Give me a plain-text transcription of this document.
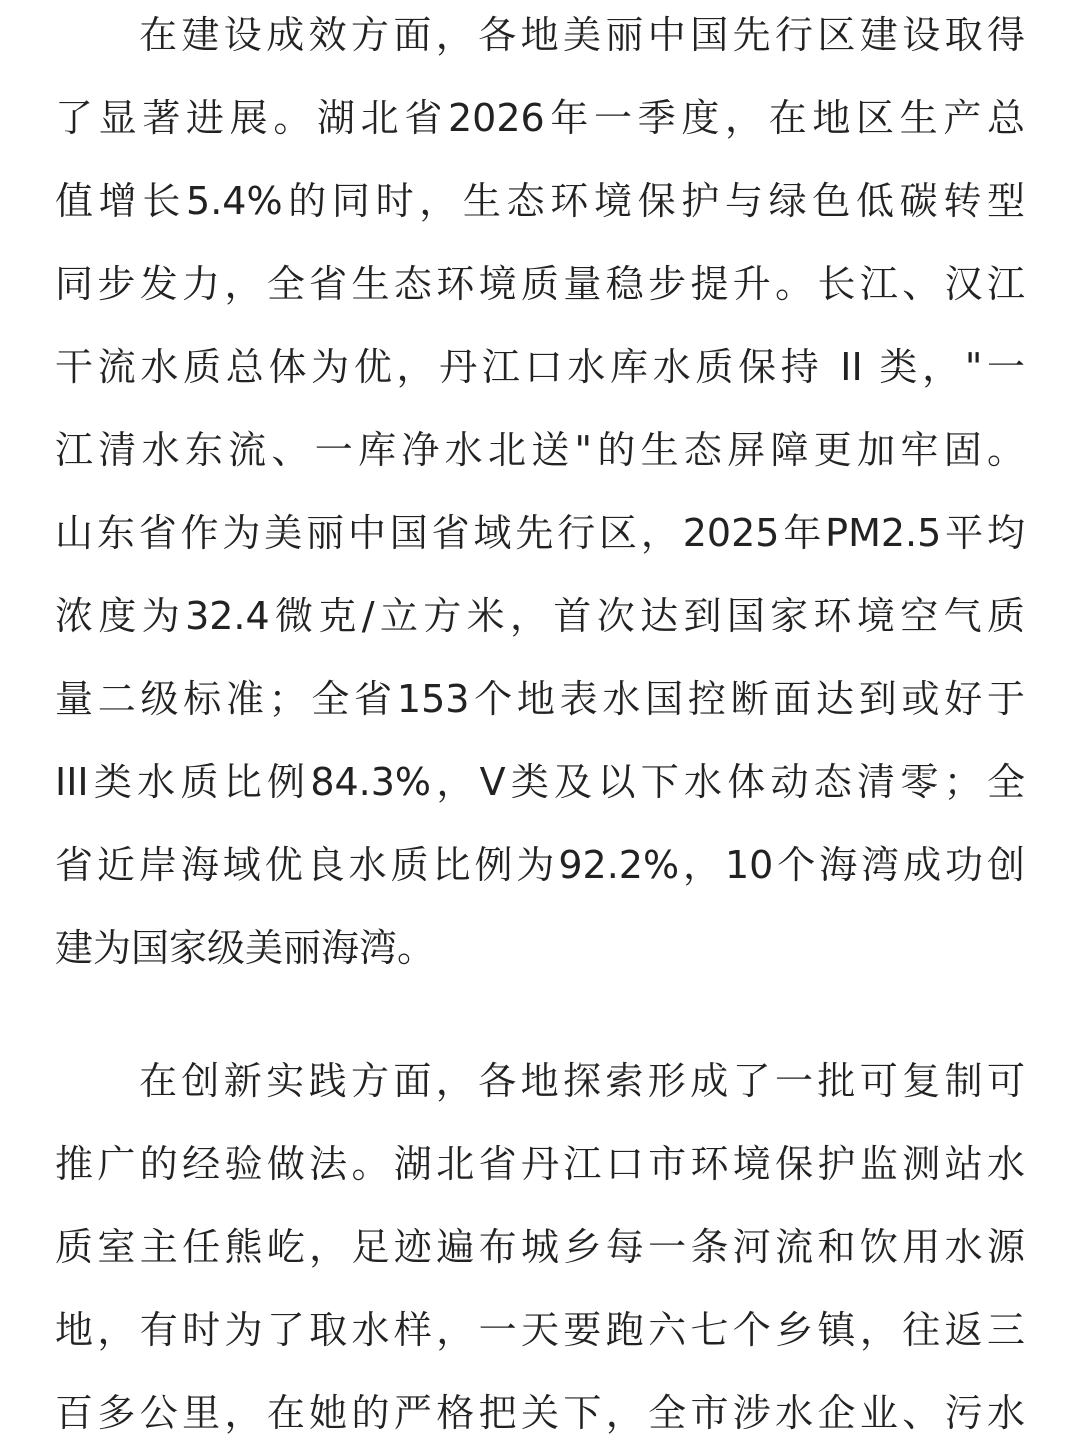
在建设成效方面，各地美丽中国先行区建设取得
了显著进展。湖北省2026年一季度，在地区生产总
值增长5.4%的同时，生态环境保护与绿色低碳转型
同步发力，全省生态环境质量稳步提升。长江、汉江
干流水质总体为优，丹江口水库水质保持 II 类，"一
江清水东流、一库净水北送"的生态屏障更加牢固。
山东省作为美丽中国省域先行区，2025年PM2.5平均
浓度为32.4微克/立方米，首次达到国家环境空气质
量二级标准；全省153个地表水国控断面达到或好于
III类水质比例84.3%，V类及以下水体动态清零；全
省近岸海域优良水质比例为92.2%，10个海湾成功创
建为国家级美丽海湾。
在创新实践方面，各地探索形成了一批可复制可
推广的经验做法。湖北省丹江口市环境保护监测站水
质室主任熊屹，足迹遍布城乡每一条河流和饮用水源
地，有时为了取水样，一天要跑六七个乡镇，往返三
百多公里，在她的严格把关下，全市涉水企业、污水
